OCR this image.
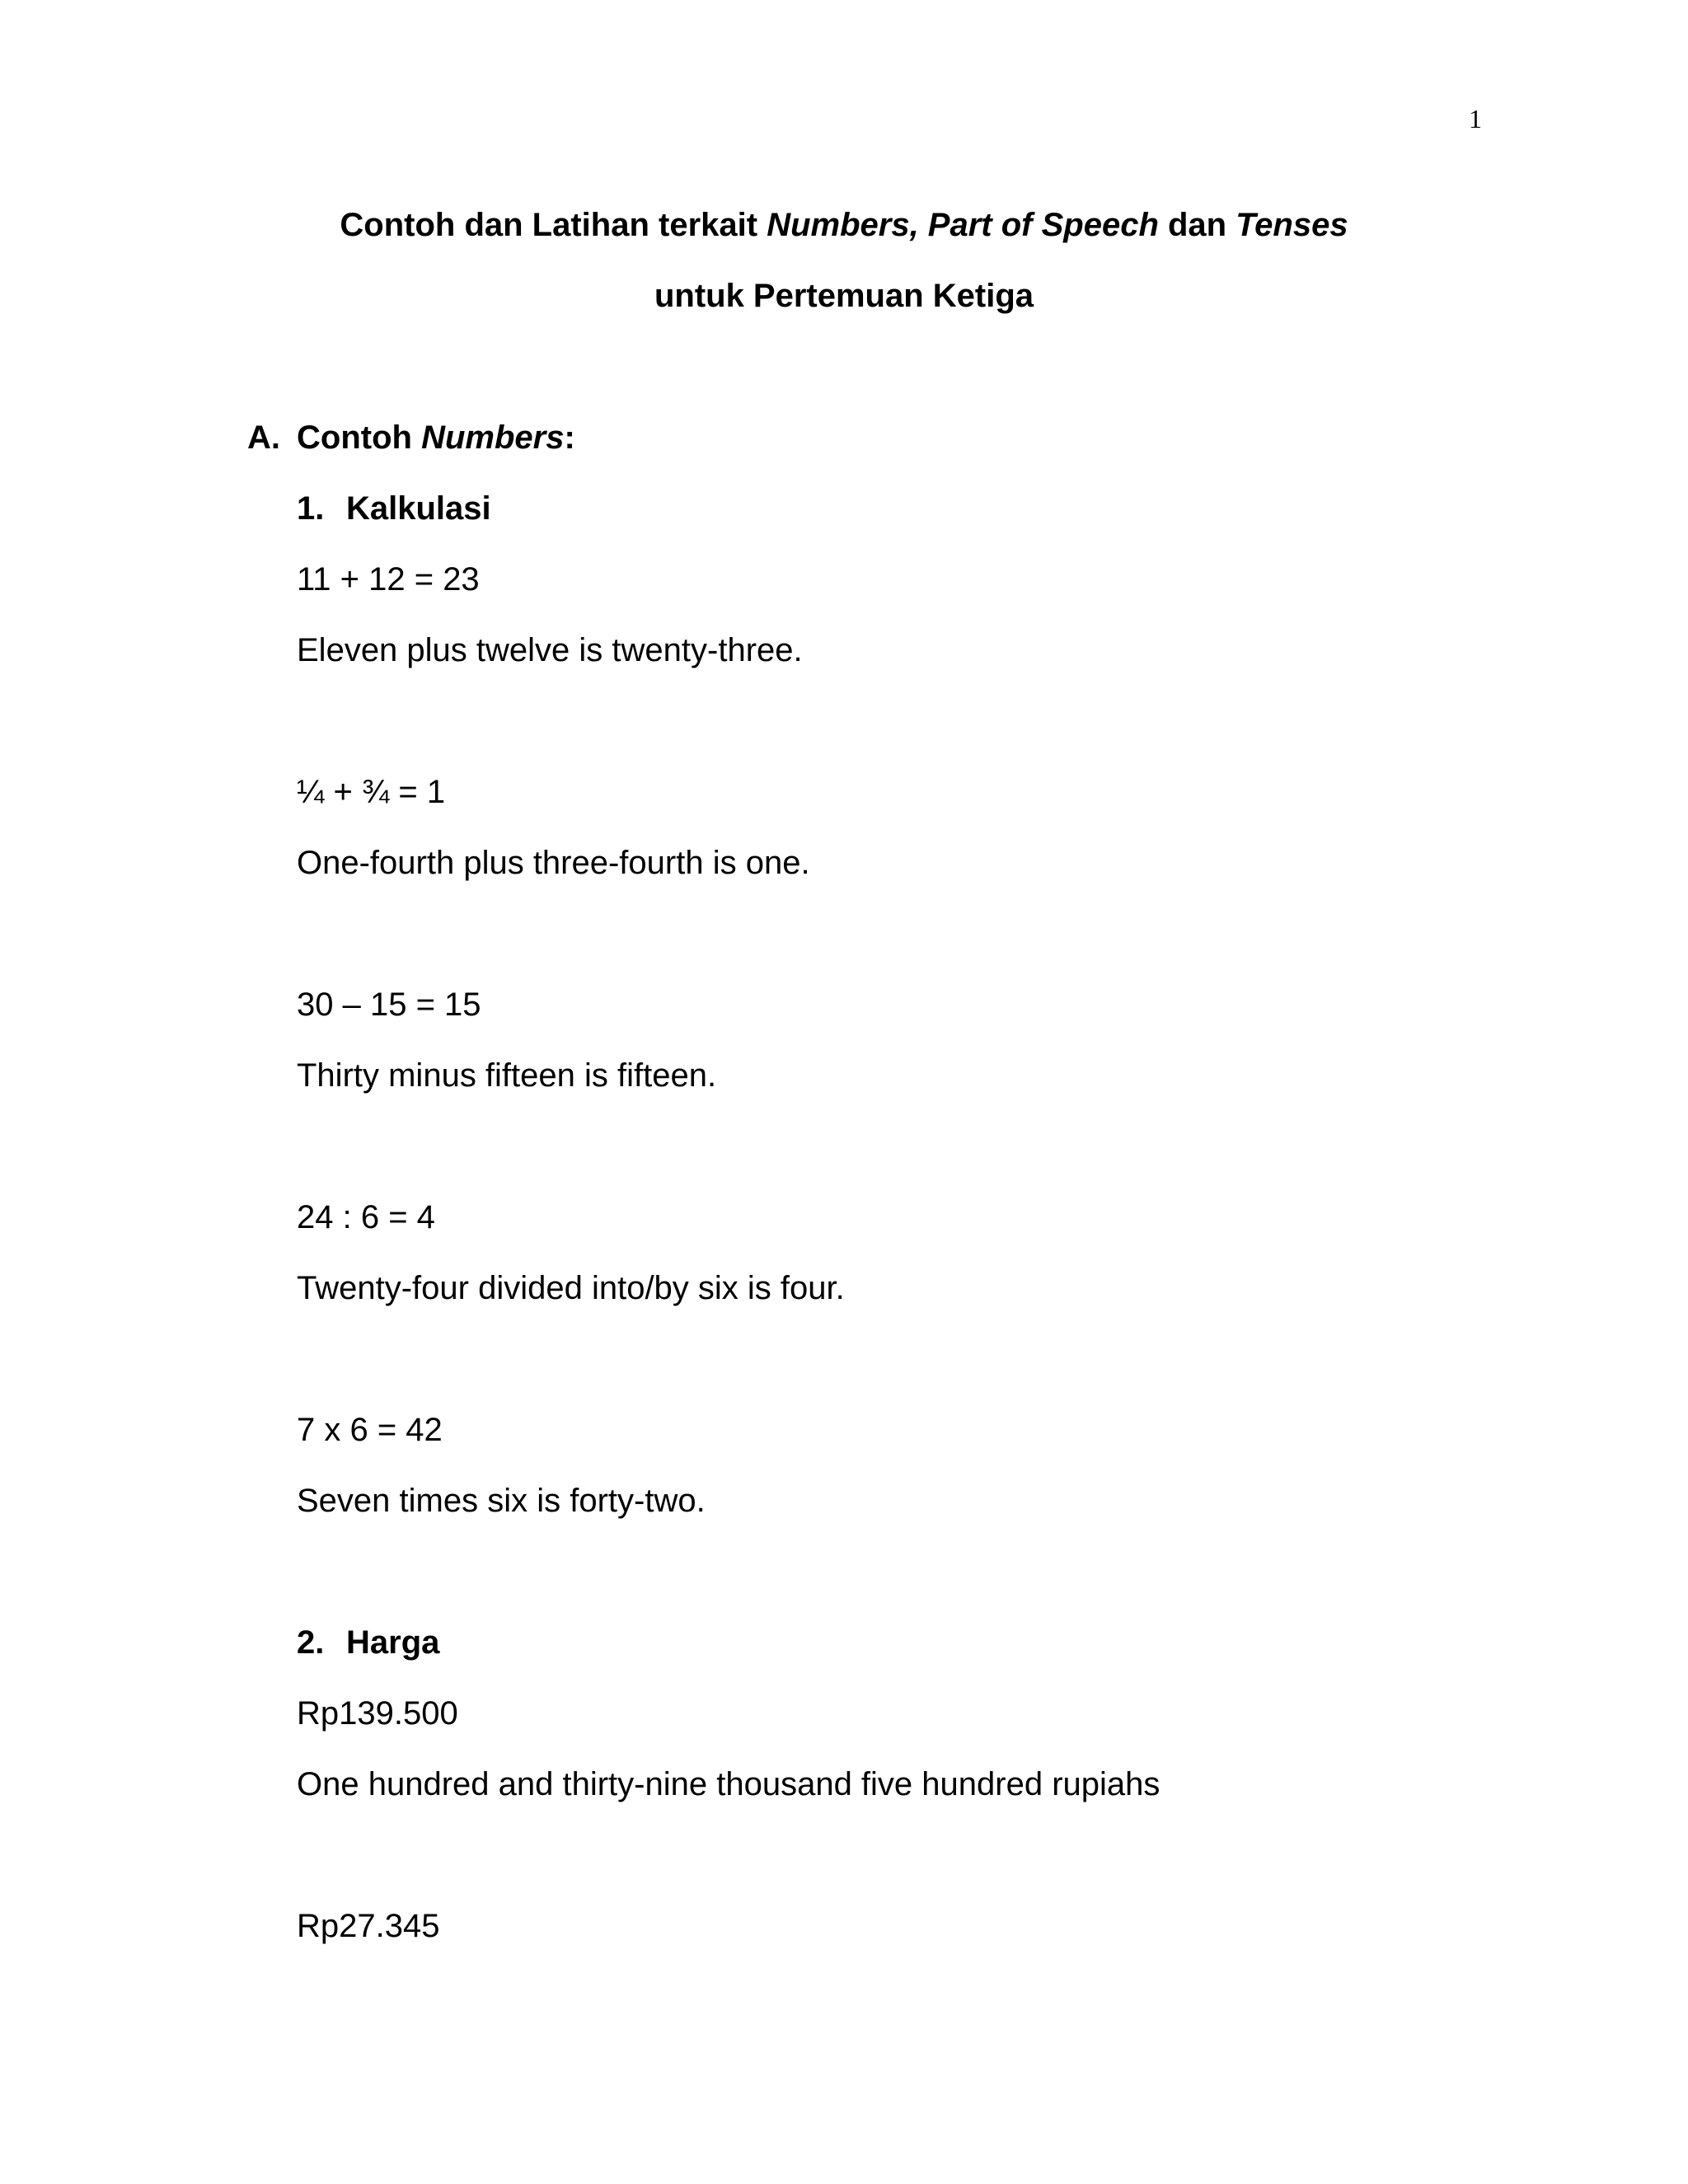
1
Contoh dan Latihan terkait Numbers, Part of Speech dan Tenses
untuk Pertemuan Ketiga
A. Contoh Numbers:
1. Kalkulasi
11 + 12 = 23
Eleven plus twelve is twenty-three.
¼ + ¾ = 1
One-fourth plus three-fourth is one.
30 – 15 = 15
Thirty minus fifteen is fifteen.
24 : 6 = 4
Twenty-four divided into/by six is four.
7 x 6 = 42
Seven times six is forty-two.
2. Harga
Rp139.500
One hundred and thirty-nine thousand five hundred rupiahs
Rp27.345
